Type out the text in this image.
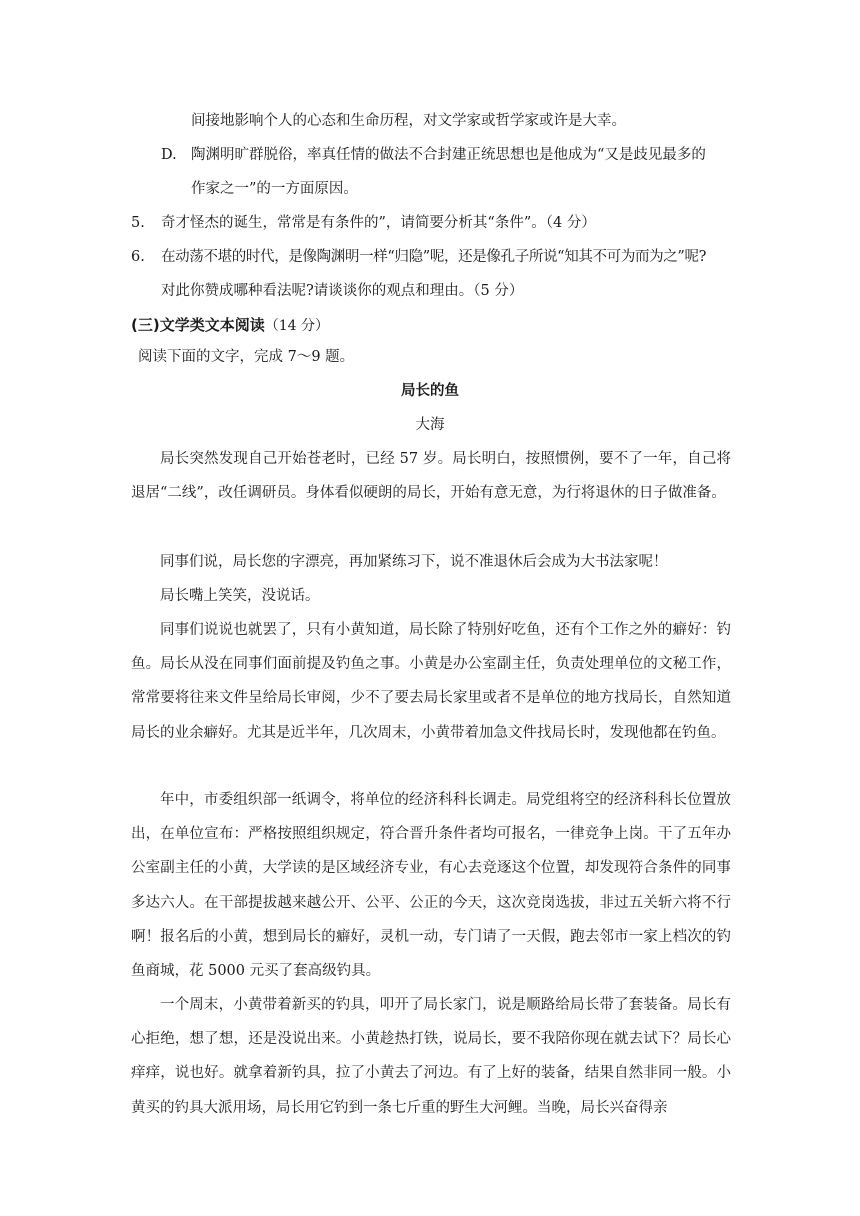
间接地影响个人的心态和生命历程，对文学家或哲学家或许是大幸。
D. 陶渊明旷群脱俗，率真任情的做法不合封建正统思想也是他成为“又是歧见最多的
作家之一”的一方面原因。
5. 奇才怪杰的诞生，常常是有条件的”，请简要分析其“条件”。（4 分）
6. 在动荡不堪的时代，是像陶渊明一样“归隐”呢，还是像孔子所说“知其不可为而为之”呢?
对此你赞成哪种看法呢?请谈谈你的观点和理由。（5 分）
(三)文学类文本阅读（14 分）
阅读下面的文字，完成 7～9 题。
局长的鱼
大海
局长突然发现自己开始苍老时，已经 57 岁。局长明白，按照惯例，要不了一年，自己将退居“二线”，改任调研员。身体看似硬朗的局长，开始有意无意，为行将退休的日子做准备。
同事们说，局长您的字漂亮，再加紧练习下，说不准退休后会成为大书法家呢！
局长嘴上笑笑，没说话。
同事们说说也就罢了，只有小黄知道，局长除了特别好吃鱼，还有个工作之外的癖好：钓鱼。局长从没在同事们面前提及钓鱼之事。小黄是办公室副主任，负责处理单位的文秘工作，常常要将往来文件呈给局长审阅，少不了要去局长家里或者不是单位的地方找局长，自然知道局长的业余癖好。尤其是近半年，几次周末，小黄带着加急文件找局长时，发现他都在钓鱼。
年中，市委组织部一纸调令，将单位的经济科科长调走。局党组将空的经济科科长位置放出，在单位宣布：严格按照组织规定，符合晋升条件者均可报名，一律竞争上岗。干了五年办公室副主任的小黄，大学读的是区域经济专业，有心去竞逐这个位置，却发现符合条件的同事多达六人。在干部提拔越来越公开、公平、公正的今天，这次竞岗选拔，非过五关斩六将不行啊！报名后的小黄，想到局长的癖好，灵机一动，专门请了一天假，跑去邻市一家上档次的钓鱼商城，花 5000 元买了套高级钓具。
一个周末，小黄带着新买的钓具，叩开了局长家门，说是顺路给局长带了套装备。局长有心拒绝，想了想，还是没说出来。小黄趁热打铁，说局长，要不我陪你现在就去试下？局长心痒痒，说也好。就拿着新钓具，拉了小黄去了河边。有了上好的装备，结果自然非同一般。小黄买的钓具大派用场，局长用它钓到一条七斤重的野生大河鲤。当晚，局长兴奋得亲
